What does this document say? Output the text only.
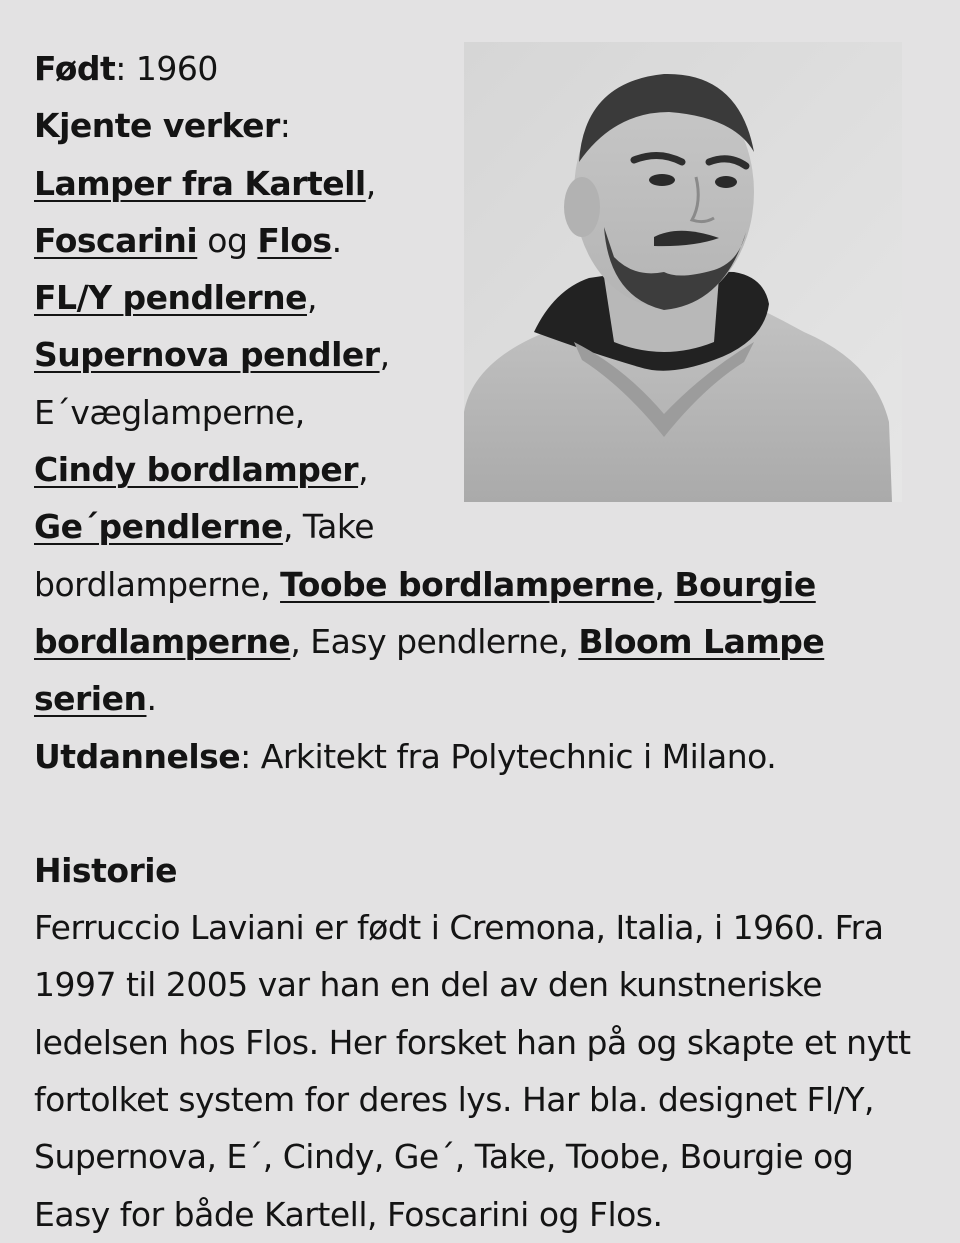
Født: 1960
Kjente verker: Lamper fra Kartell, Foscarini og Flos. FL/Y pendlerne, Supernova pendler, E´væglamperne, Cindy bordlamper, Ge´pendlerne, Take bordlamperne, Toobe bordlamperne, Bourgie bordlamperne, Easy pendlerne, Bloom Lampe serien.
Utdannelse: Arkitekt fra Polytechnic i Milano.
Historie
Ferruccio Laviani er født i Cremona, Italia, i 1960. Fra 1997 til 2005 var han en del av den kunstneriske ledelsen hos Flos. Her forsket han på og skapte et nytt fortolket system for deres lys. Har bla. designet Fl/Y, Supernova, E´, Cindy, Ge´, Take, Toobe, Bourgie og Easy for både Kartell, Foscarini og Flos.
